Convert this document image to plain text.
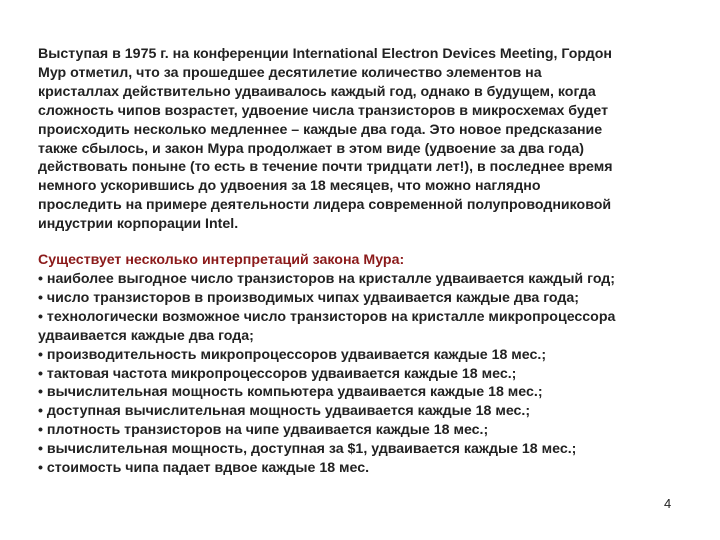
Выступая в 1975 г. на конференции International Electron Devices Meeting, Гордон
Мур отметил, что за прошедшее десятилетие количество элементов на
кристаллах действительно удваивалось каждый год, однако в будущем, когда
сложность чипов возрастет, удвоение числа транзисторов в микросхемах будет
происходить несколько медленнее – каждые два года. Это новое предсказание
также сбылось, и закон Мура продолжает в этом виде (удвоение за два года)
действовать поныне (то есть в течение почти тридцати лет!), в последнее время
немного ускорившись до удвоения за 18 месяцев, что можно наглядно
проследить на примере деятельности лидера современной полупроводниковой
индустрии корпорации Intel.
Существует несколько интерпретаций закона Мура:
• наиболее выгодное число транзисторов на кристалле удваивается каждый год;
• число транзисторов в производимых чипах удваивается каждые два года;
• технологически возможное число транзисторов на кристалле микропроцессора
удваивается каждые два года;
• производительность микропроцессоров удваивается каждые 18 мес.;
• тактовая частота микропроцессоров удваивается каждые 18 мес.;
• вычислительная мощность компьютера удваивается каждые 18 мес.;
• доступная вычислительная мощность удваивается каждые 18 мес.;
• плотность транзисторов на чипе удваивается каждые 18 мес.;
• вычислительная мощность, доступная за $1, удваивается каждые 18 мес.;
• стоимость чипа падает вдвое каждые 18 мес.
4
